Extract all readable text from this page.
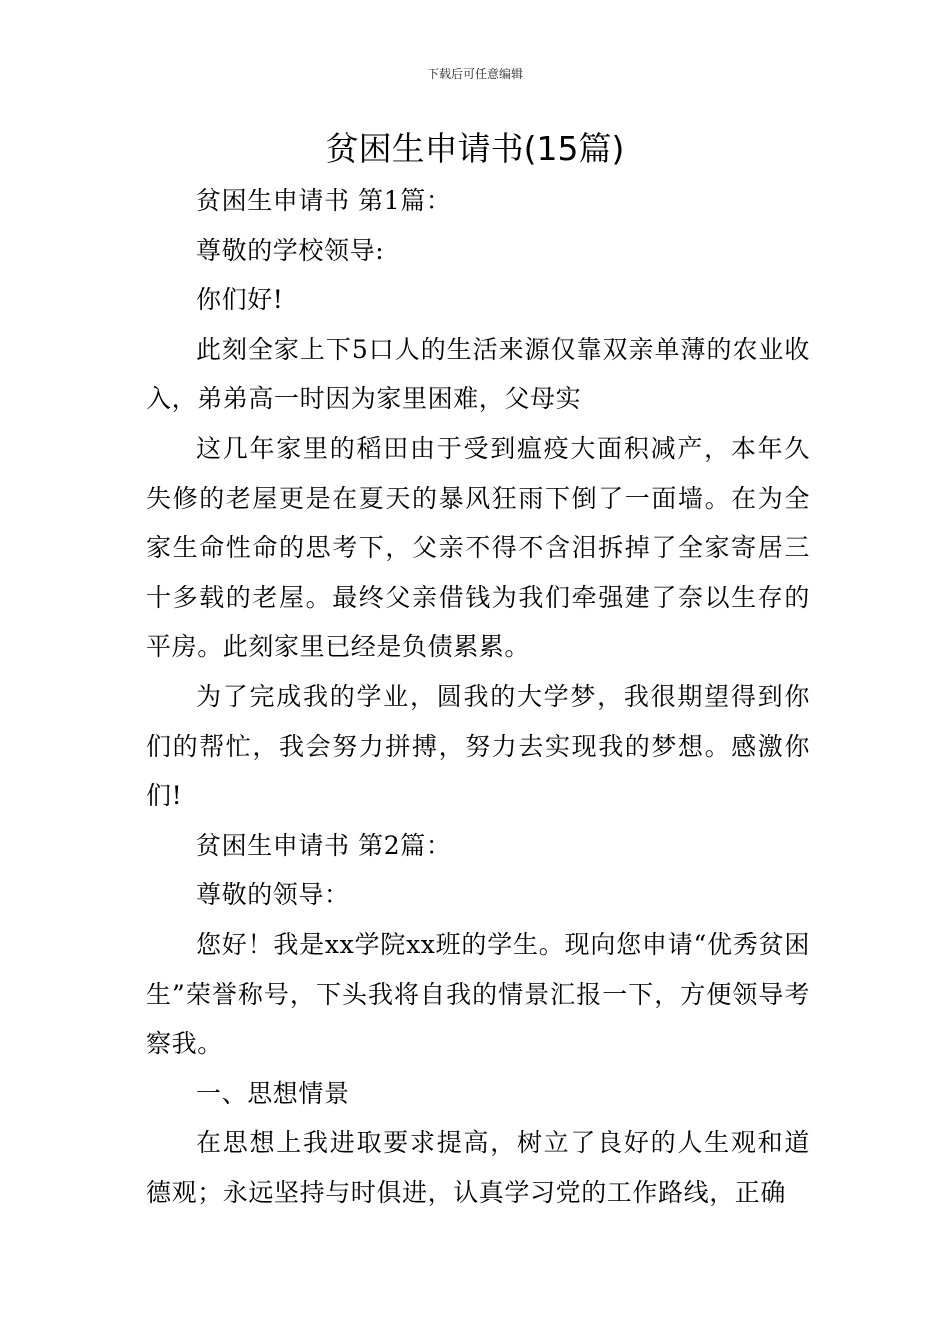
下载后可任意编辑
贫困生申请书(15篇)

贫困生申请书 第1篇：

尊敬的学校领导:

你们好!

此刻全家上下5口人的生活来源仅靠双亲单薄的农业收入，弟弟高一时因为家里困难，父母实

这几年家里的稻田由于受到瘟疫大面积减产，本年久失修的老屋更是在夏天的暴风狂雨下倒了一面墙。在为全家生命性命的思考下，父亲不得不含泪拆掉了全家寄居三十多载的老屋。最终父亲借钱为我们牵强建了奈以生存的平房。此刻家里已经是负债累累。

为了完成我的学业，圆我的大学梦，我很期望得到你们的帮忙，我会努力拼搏，努力去实现我的梦想。感激你们!

贫困生申请书 第2篇：

尊敬的领导：

您好！我是xx学院xx班的学生。现向您申请“优秀贫困生”荣誉称号，下头我将自我的情景汇报一下，方便领导考察我。

一、思想情景

在思想上我进取要求提高，树立了良好的人生观和道德观；永远坚持与时俱进，认真学习党的工作路线，正确
